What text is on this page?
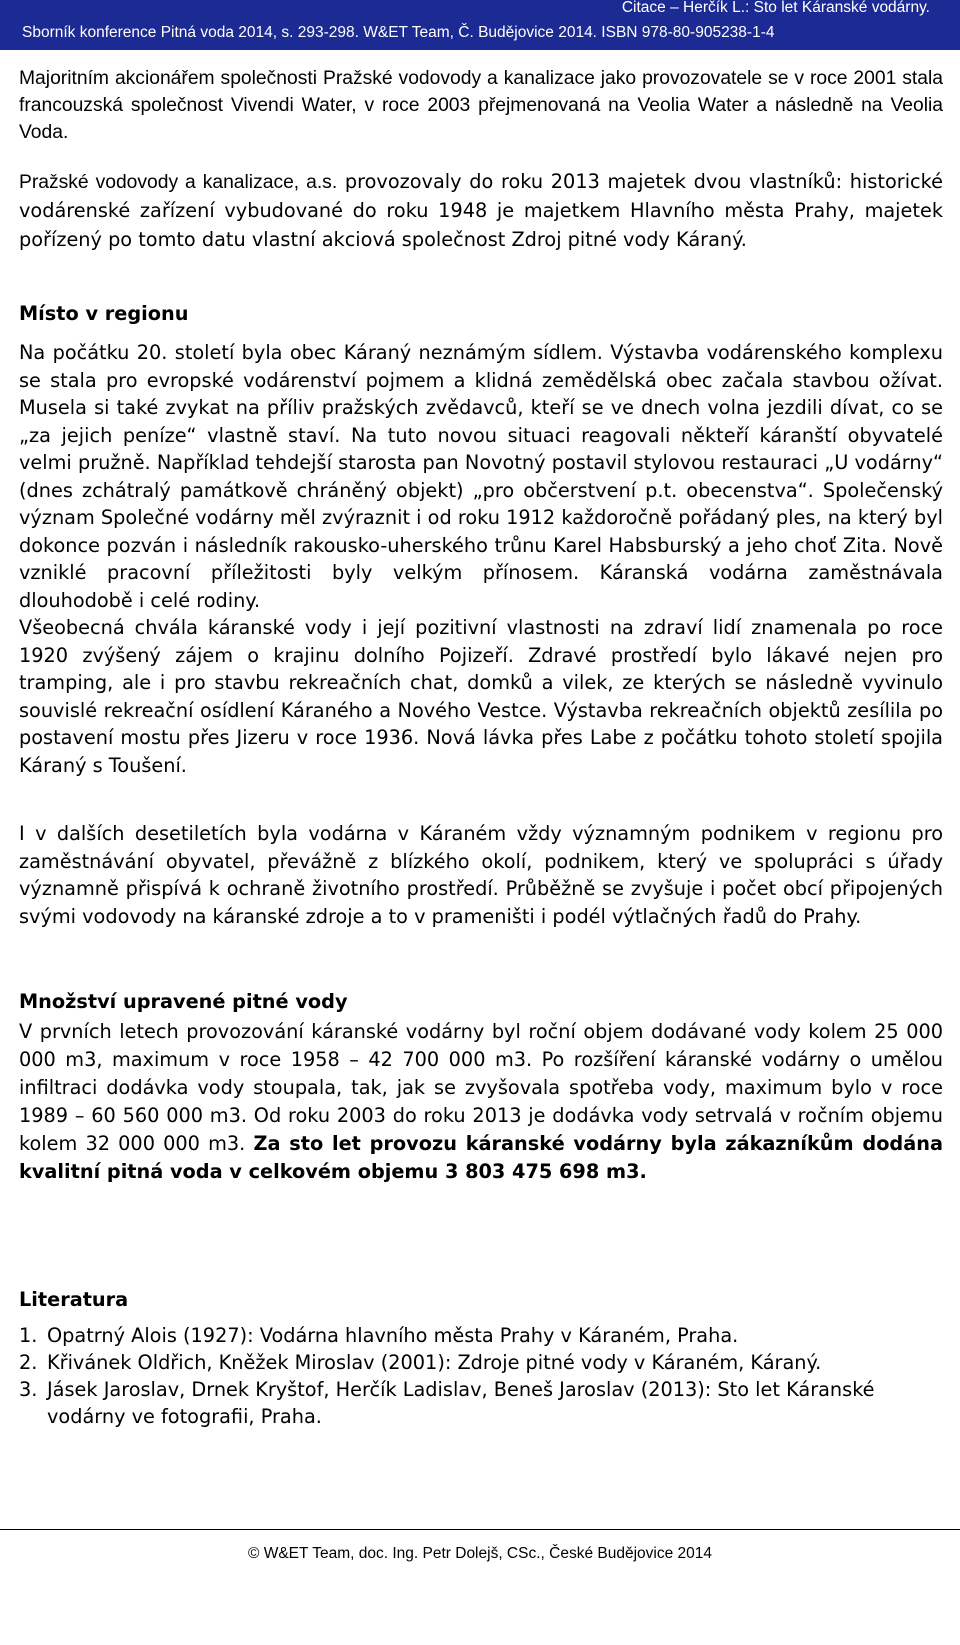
Citace – Herčík L.: Sto let Káranské vodárny.
Sborník konference Pitná voda 2014, s. 293-298. W&ET Team, Č. Budějovice 2014. ISBN 978-80-905238-1-4

Majoritním akcionářem společnosti Pražské vodovody a kanalizace jako provozovatele se v roce 2001 stala francouzská společnost Vivendi Water, v roce 2003 přejmenovaná na Veolia Water a následně na Veolia Voda.

Pražské vodovody a kanalizace, a.s. provozovaly do roku 2013 majetek dvou vlastníků: historické vodárenské zařízení vybudované do roku 1948 je majetkem Hlavního města Prahy, majetek pořízený po tomto datu vlastní akciová společnost Zdroj pitné vody Káraný.

Místo v regionu

Na počátku 20. století byla obec Káraný neznámým sídlem. Výstavba vodárenského komplexu se stala pro evropské vodárenství pojmem a klidná zemědělská obec začala stavbou ožívat. Musela si také zvykat na příliv pražských zvědavců, kteří se ve dnech volna jezdili dívat, co se „za jejich peníze“ vlastně staví. Na tuto novou situaci reagovali někteří káranští obyvatelé velmi pružně. Například tehdejší starosta pan Novotný postavil stylovou restauraci „U vodárny“ (dnes zchátralý památkově chráněný objekt) „pro občerstvení p.t. obecenstva“. Společenský význam Společné vodárny měl zvýraznit i od roku 1912 každoročně pořádaný ples, na který byl dokonce pozván i následník rakousko-uherského trůnu Karel Habsburský a jeho choť Zita. Nově vzniklé pracovní příležitosti byly velkým přínosem. Káranská vodárna zaměstnávala dlouhodobě i celé rodiny.

Všeobecná chvála káranské vody i její pozitivní vlastnosti na zdraví lidí znamenala po roce 1920 zvýšený zájem o krajinu dolního Pojizeří. Zdravé prostředí bylo lákavé nejen pro tramping, ale i pro stavbu rekreačních chat, domků a vilek, ze kterých se následně vyvinulo souvislé rekreační osídlení Káraného a Nového Vestce. Výstavba rekreačních objektů zesílila po postavení mostu přes Jizeru v roce 1936. Nová lávka přes Labe z počátku tohoto století spojila Káraný s Toušení.

I v dalších desetiletích byla vodárna v Káraném vždy významným podnikem v regionu pro zaměstnávání obyvatel, převážně z blízkého okolí, podnikem, který ve spolupráci s úřady významně přispívá k ochraně životního prostředí. Průběžně se zvyšuje i počet obcí připojených svými vodovody na káranské zdroje a to v prameništi i podél výtlačných řadů do Prahy.

Množství upravené pitné vody

V prvních letech provozování káranské vodárny byl roční objem dodávané vody kolem 25 000 000 m3, maximum v roce 1958 – 42 700 000 m3. Po rozšíření káranské vodárny o umělou infiltraci dodávka vody stoupala, tak, jak se zvyšovala spotřeba vody, maximum bylo v roce 1989 – 60 560 000 m3. Od roku 2003 do roku 2013 je dodávka vody setrvalá v ročním objemu kolem 32 000 000 m3. Za sto let provozu káranské vodárny byla zákazníkům dodána kvalitní pitná voda v celkovém objemu 3 803 475 698 m3.

Literatura
1. Opatrný Alois (1927): Vodárna hlavního města Prahy v Káraném, Praha.
2. Křivánek Oldřich, Kněžek Miroslav (2001): Zdroje pitné vody v Káraném, Káraný.
3. Jásek Jaroslav, Drnek Kryštof, Herčík Ladislav, Beneš Jaroslav (2013): Sto let Káranské vodárny ve fotografii, Praha.
© W&ET Team, doc. Ing. Petr Dolejš, CSc., České Budějovice 2014
